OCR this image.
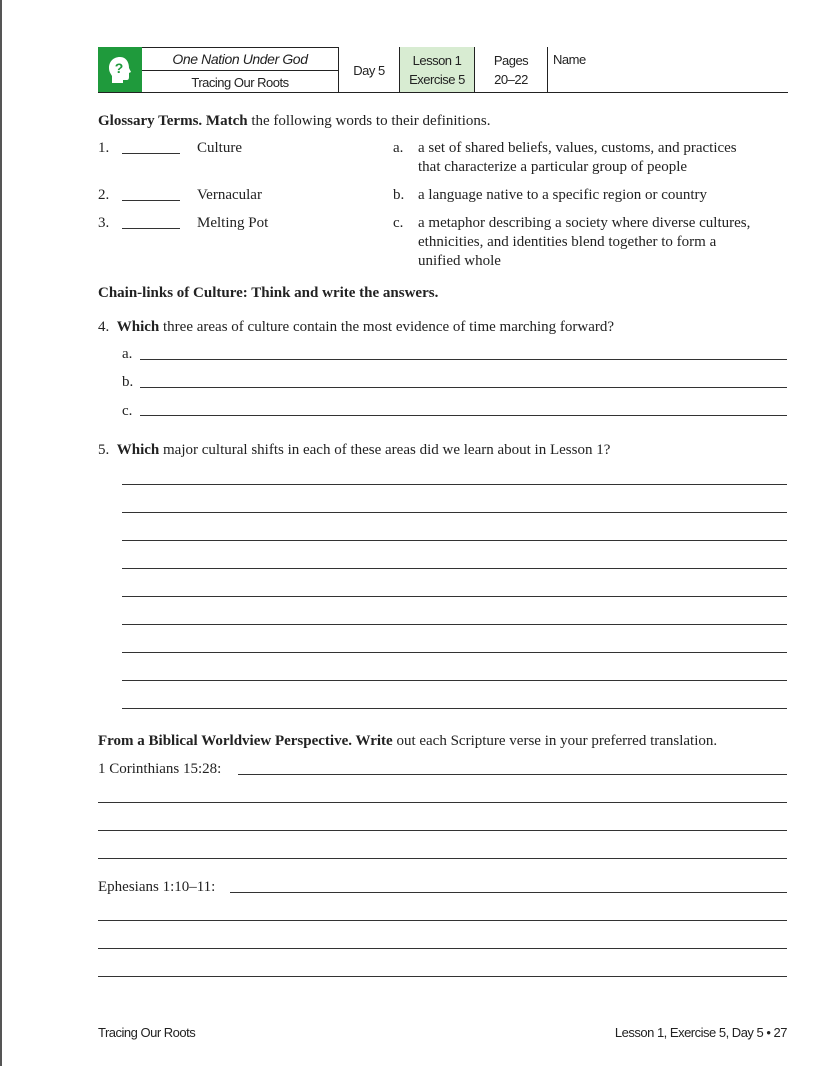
?
One Nation Under God
Tracing Our Roots
Day 5
Lesson 1
Exercise 5
Pages
20–22
Name
Glossary Terms. Match the following words to their definitions.
1.	Culture	a. a set of shared beliefs, values, customs, and practices
that characterize a particular group of people
2.	Vernacular	b. a language native to a specific region or country
3.	Melting Pot	c. a metaphor describing a society where diverse cultures,
ethnicities, and identities blend together to form a
unified whole
Chain-links of Culture: Think and write the answers.
4. Which three areas of culture contain the most evidence of time marching forward?
a.
b.
c.
5. Which major cultural shifts in each of these areas did we learn about in Lesson 1?
From a Biblical Worldview Perspective. Write out each Scripture verse in your preferred translation.
1 Corinthians 15:28:
Ephesians 1:10–11:
Tracing Our Roots	Lesson 1, Exercise 5, Day 5 • 27
